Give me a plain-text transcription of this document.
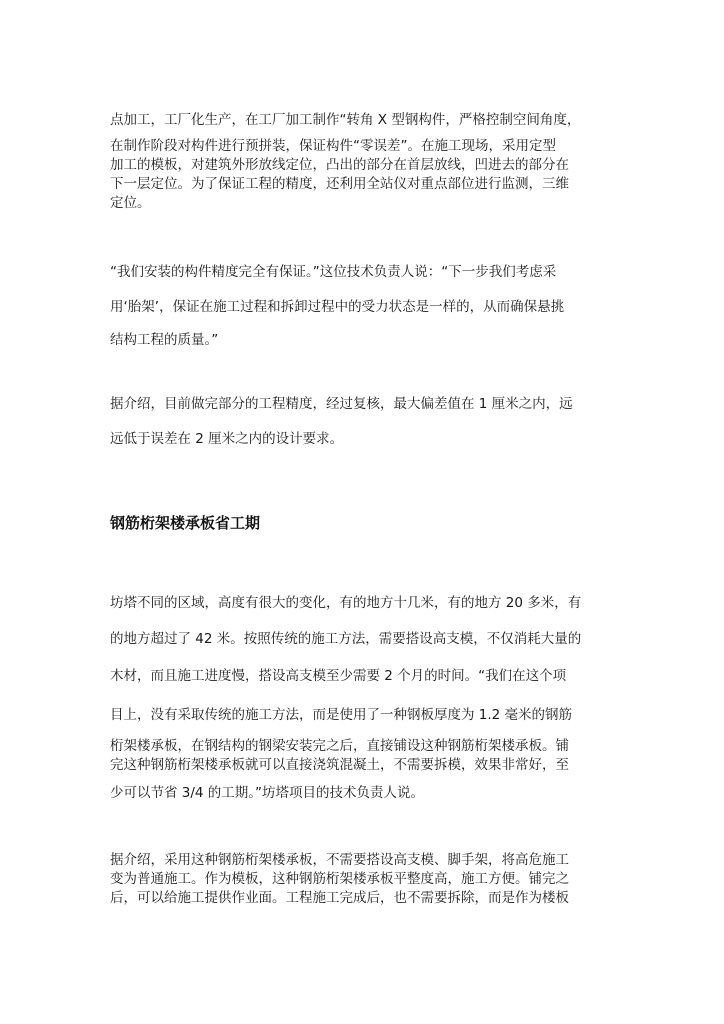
点加工，工厂化生产，在工厂加工制作“转角 X 型钢构件，严格控制空间角度，
在制作阶段对构件进行预拼装，保证构件“零误差”。在施工现场，采用定型
加工的模板，对建筑外形放线定位，凸出的部分在首层放线，凹进去的部分在
下一层定位。为了保证工程的精度，还利用全站仪对重点部位进行监测，三维
定位。
“我们安装的构件精度完全有保证。”这位技术负责人说：“下一步我们考虑采
用‘胎架’，保证在施工过程和拆卸过程中的受力状态是一样的，从而确保悬挑
结构工程的质量。”
据介绍，目前做完部分的工程精度，经过复核，最大偏差值在 1 厘米之内，远
远低于误差在 2 厘米之内的设计要求。
钢筋桁架楼承板省工期
坊塔不同的区域，高度有很大的变化，有的地方十几米，有的地方 20 多米，有
的地方超过了 42 米。按照传统的施工方法，需要搭设高支模，不仅消耗大量的
木材，而且施工进度慢，搭设高支模至少需要 2 个月的时间。“我们在这个项
目上，没有采取传统的施工方法，而是使用了一种钢板厚度为 1.2 毫米的钢筋
桁架楼承板，在钢结构的钢梁安装完之后，直接铺设这种钢筋桁架楼承板。铺
完这种钢筋桁架楼承板就可以直接浇筑混凝土，不需要拆模，效果非常好，至
少可以节省 3/4 的工期。”坊塔项目的技术负责人说。
据介绍，采用这种钢筋桁架楼承板，不需要搭设高支模、脚手架，将高危施工
变为普通施工。作为模板，这种钢筋桁架楼承板平整度高，施工方便。铺完之
后，可以给施工提供作业面。工程施工完成后，也不需要拆除，而是作为楼板
